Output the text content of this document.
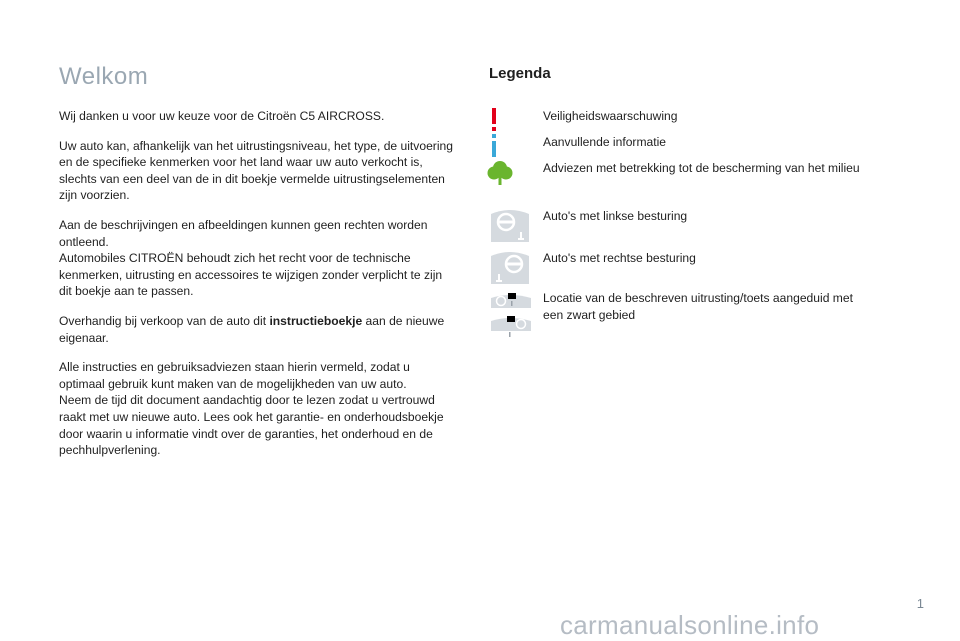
Welkom

Wij danken u voor uw keuze voor de Citroën C5 AIRCROSS.

Uw auto kan, afhankelijk van het uitrustingsniveau, het type, de uitvoering en de specifieke kenmerken voor het land waar uw auto verkocht is, slechts van een deel van de in dit boekje vermelde uitrustingselementen zijn voorzien.

Aan de beschrijvingen en afbeeldingen kunnen geen rechten worden ontleend.
Automobiles CITROËN behoudt zich het recht voor de technische kenmerken, uitrusting en accessoires te wijzigen zonder verplicht te zijn dit boekje aan te passen.

Overhandig bij verkoop van de auto dit instructieboekje aan de nieuwe eigenaar.

Alle instructies en gebruiksadviezen staan hierin vermeld, zodat u optimaal gebruik kunt maken van de mogelijkheden van uw auto.
Neem de tijd dit document aandachtig door te lezen zodat u vertrouwd raakt met uw nieuwe auto. Lees ook het garantie- en onderhoudsboekje door waarin u informatie vindt over de garanties, het onderhoud en de pechhulpverlening.

Legenda
Veiligheidswaarschuwing
Aanvullende informatie
Adviezen met betrekking tot de bescherming van het milieu
Auto's met linkse besturing
Auto's met rechtse besturing
Locatie van de beschreven uitrusting/toets aangeduid met een zwart gebied
1
carmanualsonline.info
